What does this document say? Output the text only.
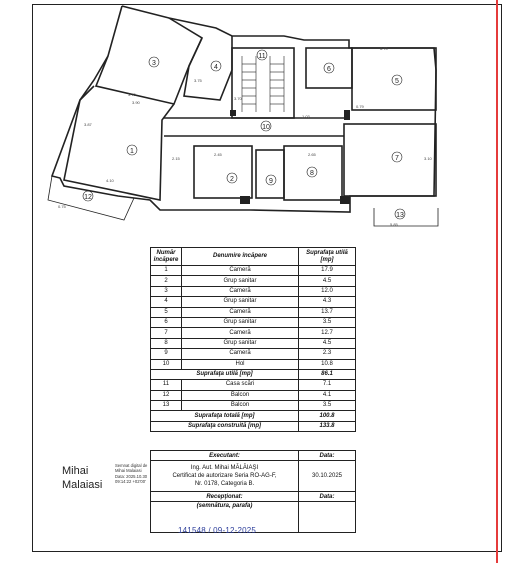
3
4
1
2
5
6
7
8
9
10
11
12
13
3.70
3.90
3.87
4.10
3.75
2.15
3.70
6.70
0.79
3.10
2.65
2.45
5.85
0.75
1.03
Număr încăpere	Denumire încăpere	Suprafaţa utilă [mp]
1	Cameră	17.9
2	Grup sanitar	4.5
3	Cameră	12.0
4	Grup sanitar	4.3
5	Cameră	13.7
6	Grup sanitar	3.5
7	Cameră	12.7
8	Grup sanitar	4.5
9	Cameră	2.3
10	Hol	10.8
Suprafaţa utilă [mp]		86.1
11	Casa scări	7.1
12	Balcon	4.1
13	Balcon	3.5
Suprafaţa totală [mp]		100.8
Suprafaţa construită [mp]		133.8
Executant:	Data:

Ing. Aut. Mihai MĂLĂIAŞI
Certificat de autorizare Seria RO-AG-F,
Nr. 0178, Categoria B.	30.10.2025
Recepţionat:	Data:
(semnătura, parafa)	
Mihai
Malaiasi
Semnat digital de
Mihai Malaiasi
Data: 2025.10.30
09:14:22 +02'00'
141548 / 09-12-2025
